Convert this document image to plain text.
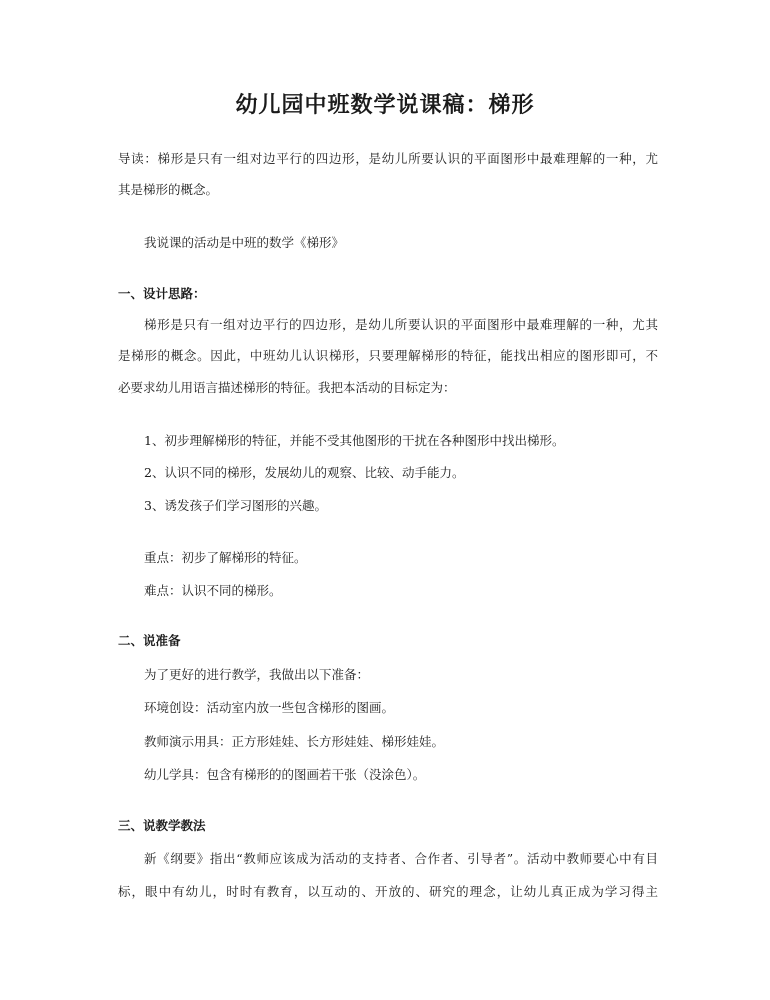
幼儿园中班数学说课稿：梯形
导读：梯形是只有一组对边平行的四边形，是幼儿所要认识的平面图形中最难理解的一种，尤
其是梯形的概念。
我说课的活动是中班的数学《梯形》
一、设计思路：
梯形是只有一组对边平行的四边形，是幼儿所要认识的平面图形中最难理解的一种，尤其
是梯形的概念。因此，中班幼儿认识梯形，只要理解梯形的特征，能找出相应的图形即可，不
必要求幼儿用语言描述梯形的特征。我把本活动的目标定为：
1、初步理解梯形的特征，并能不受其他图形的干扰在各种图形中找出梯形。
2、认识不同的梯形，发展幼儿的观察、比较、动手能力。
3、诱发孩子们学习图形的兴趣。
重点：初步了解梯形的特征。
难点：认识不同的梯形。
二、说准备
为了更好的进行教学，我做出以下准备：
环境创设：活动室内放一些包含梯形的图画。
教师演示用具：正方形娃娃、长方形娃娃、梯形娃娃。
幼儿学具：包含有梯形的的图画若干张（没涂色）。
三、说教学教法
新《纲要》指出“教师应该成为活动的支持者、合作者、引导者”。活动中教师要心中有目
标，眼中有幼儿，时时有教育，以互动的、开放的、研究的理念，让幼儿真正成为学习得主
